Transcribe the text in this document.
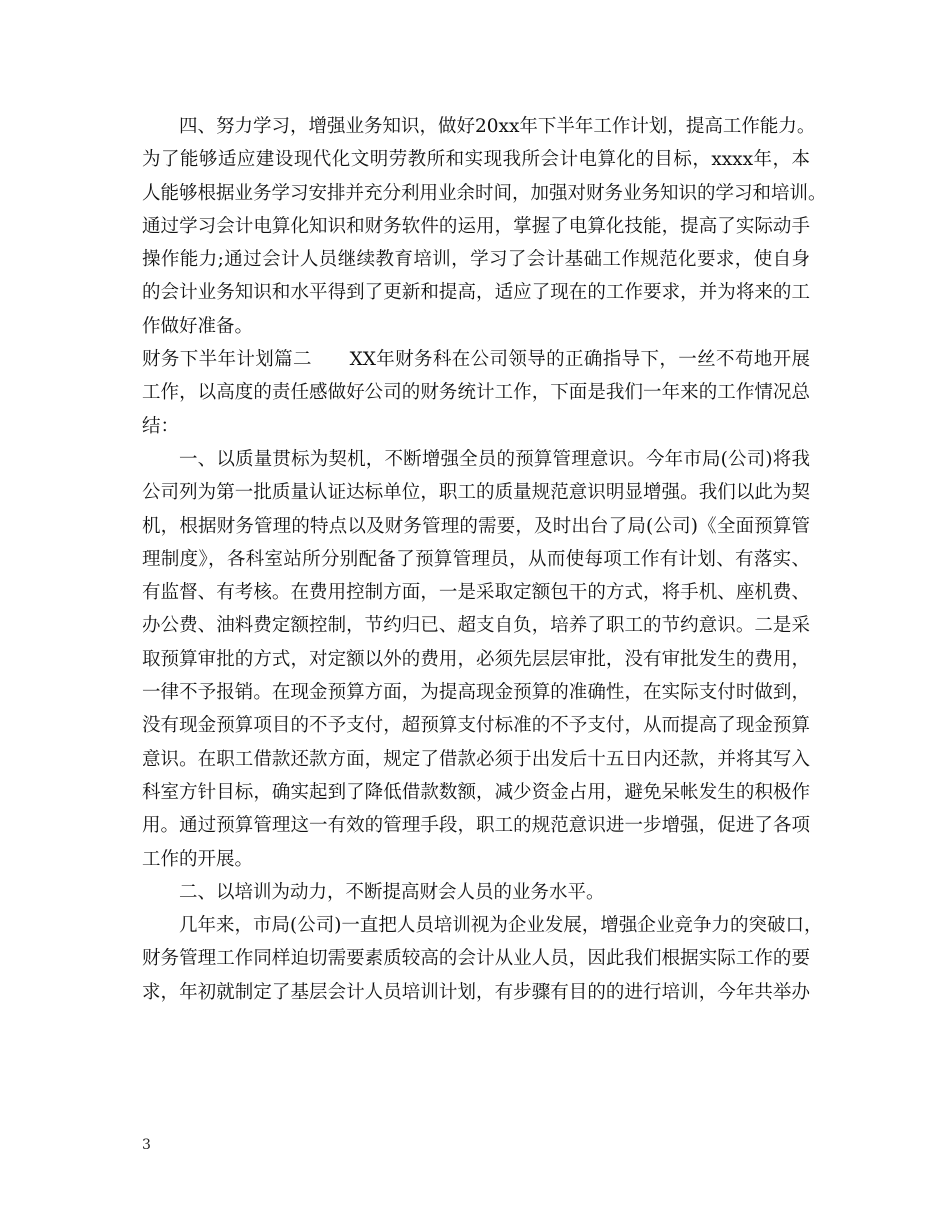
四、努力学习，增强业务知识，做好20xx年下半年工作计划，提高工作能力。
为了能够适应建设现代化文明劳教所和实现我所会计电算化的目标，xxxx年，本
人能够根据业务学习安排并充分利用业余时间，加强对财务业务知识的学习和培训。
通过学习会计电算化知识和财务软件的运用，掌握了电算化技能，提高了实际动手
操作能力;通过会计人员继续教育培训，学习了会计基础工作规范化要求，使自身
的会计业务知识和水平得到了更新和提高，适应了现在的工作要求，并为将来的工
作做好准备。
财务下半年计划篇二　　XX年财务科在公司领导的正确指导下，一丝不苟地开展
工作，以高度的责任感做好公司的财务统计工作，下面是我们一年来的工作情况总
结：
一、以质量贯标为契机，不断增强全员的预算管理意识。今年市局(公司)将我
公司列为第一批质量认证达标单位，职工的质量规范意识明显增强。我们以此为契
机，根据财务管理的特点以及财务管理的需要，及时出台了局(公司)《全面预算管
理制度》，各科室站所分别配备了预算管理员，从而使每项工作有计划、有落实、
有监督、有考核。在费用控制方面，一是采取定额包干的方式，将手机、座机费、
办公费、油料费定额控制，节约归已、超支自负，培养了职工的节约意识。二是采
取预算审批的方式，对定额以外的费用，必须先层层审批，没有审批发生的费用，
一律不予报销。在现金预算方面，为提高现金预算的准确性，在实际支付时做到，
没有现金预算项目的不予支付，超预算支付标准的不予支付，从而提高了现金预算
意识。在职工借款还款方面，规定了借款必须于出发后十五日内还款，并将其写入
科室方针目标，确实起到了降低借款数额，减少资金占用，避免呆帐发生的积极作
用。通过预算管理这一有效的管理手段，职工的规范意识进一步增强，促进了各项
工作的开展。
二、以培训为动力，不断提高财会人员的业务水平。
几年来，市局(公司)一直把人员培训视为企业发展，增强企业竞争力的突破口，
财务管理工作同样迫切需要素质较高的会计从业人员，因此我们根据实际工作的要
求，年初就制定了基层会计人员培训计划，有步骤有目的的进行培训，今年共举办
3
